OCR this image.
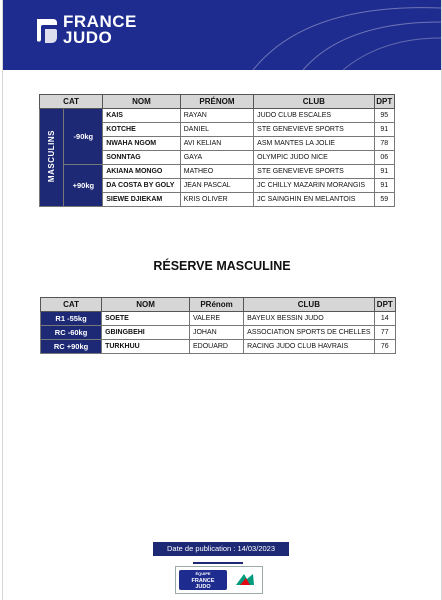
FRANCE
JUDO
CAT		NOM	PRÉNOM	CLUB	DPT
MASCULINS	-90kg	KAIS	RAYAN	JUDO CLUB ESCALES	95
		KOTCHE	DANIEL	STE GENEVIEVE SPORTS	91
		NWAHA NGOM	AVI KELIAN	ASM MANTES LA JOLIE	78
		SONNTAG	GAYA	OLYMPIC JUDO NICE	06
	+90kg	AKIANA MONGO	MATHEO	STE GENEVIEVE SPORTS	91
		DA COSTA BY GOLY	JEAN PASCAL	JC CHILLY MAZARIN MORANGIS	91
		SIEWE DJIEKAM	KRIS OLIVER	JC SAINGHIN EN MELANTOIS	59
RÉSERVE MASCULINE
CAT	NOM	PRénom	CLUB	DPT
R1 -55kg	SOETE	VALERE	BAYEUX BESSIN JUDO	14
RC -60kg	GBINGBEHI	JOHAN	ASSOCIATION SPORTS DE CHELLES	77
RC +90kg	TURKHUU	EDOUARD	RACING JUDO CLUB HAVRAIS	76
Date de publication : 14/03/2023
ÉQUIPE
FRANCE
JUDO
